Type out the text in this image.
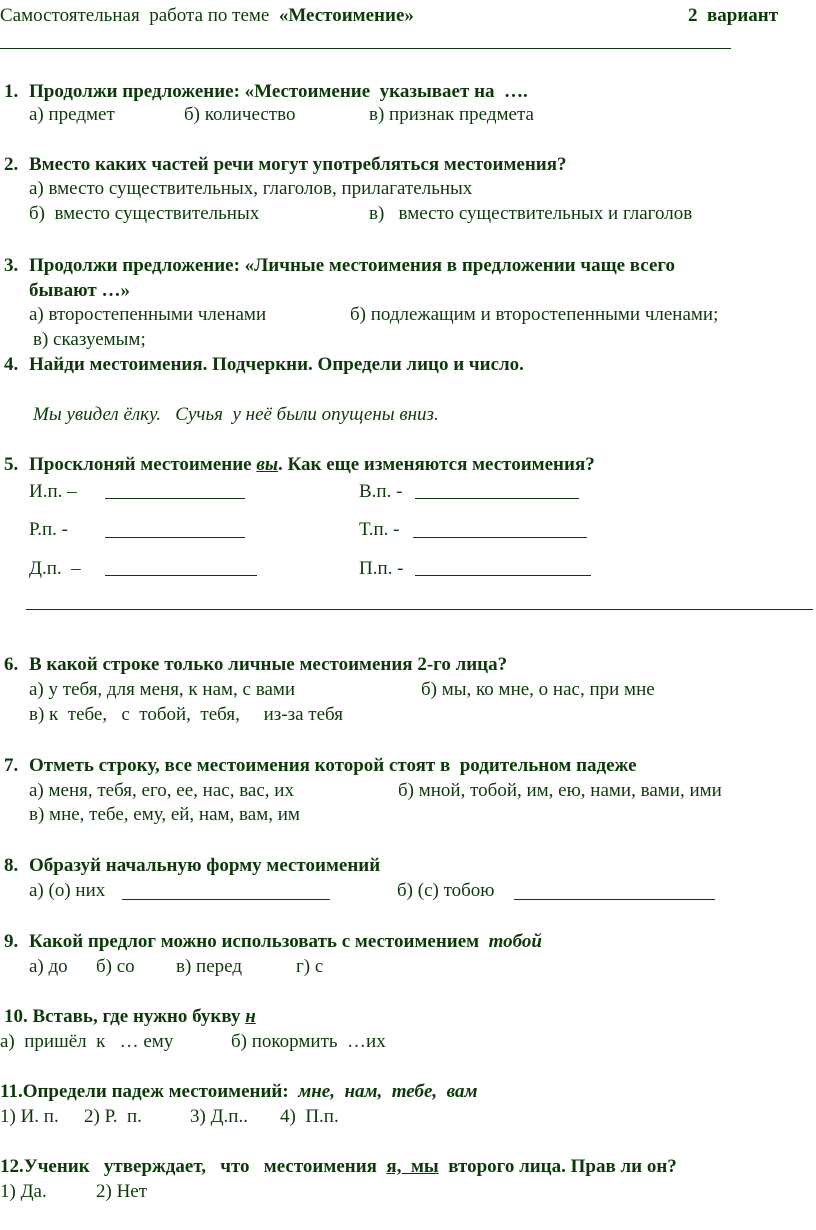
Самостоятельная  работа по теме  «Местоимение»	2  вариант
1. Продолжи предложение: «Местоимение  указывает на  ….
а) предмет	б) количество	в) признак предмета
2. Вместо каких частей речи могут употребляться местоимения?
а) вместо существительных, глаголов, прилагательных
б)  вместо существительных	в)   вместо существительных и глаголов
3. Продолжи предложение: «Личные местоимения в предложении чаще всего
бывают …»
а) второстепенными членами	б) подлежащим и второстепенными членами;
в) сказуемым;
4. Найди местоимения. Подчеркни. Определи лицо и число.
Мы увидел ёлку.   Сучья  у неё были опущены вниз.
5. Просклоняй местоимение вы. Как еще изменяются местоимения?
И.п. –	В.п. -
Р.п. -	Т.п. -
Д.п.  –	П.п. -
6. В какой строке только личные местоимения 2-го лица?
а) у тебя, для меня, к нам, с вами	б) мы, ко мне, о нас, при мне
в) к  тебе,   с  тобой,  тебя,     из-за тебя
7. Отметь строку, все местоимения которой стоят в  родительном падеже
а) меня, тебя, его, ее, нас, вас, их	б) мной, тобой, им, ею, нами, вами, ими
в) мне, тебе, ему, ей, нам, вам, им
8. Образуй начальную форму местоимений
а) (о) них	б) (с) тобою
9. Какой предлог можно использовать с местоимением  тобой
а) до б) со в) перед	г) с
10. Вставь, где нужно букву н
а)  пришёл  к   … ему	б) покормить  …их
11.Определи падеж местоимений:  мне,  нам,  тебе,  вам
1) И. п. 2) Р.  п.	3) Д.п.. 4)  П.п.
12.Ученик   утверждает,   что   местоимения  я,  мы  второго лица. Прав ли он?
1) Да.	2) Нет
